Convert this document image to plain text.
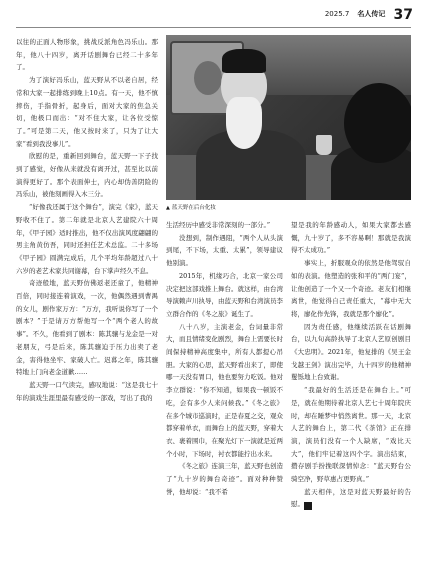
2025.7 名人传记 37

以往的正面人物形象，挑战反派角色冯乐山。那年，他八十四岁，离开话剧舞台已经二十多年了。

为了演好冯乐山，蓝天野从不以老自居，经常和大家一起排练到晚上10点。有一天，他不慎摔伤，手指骨折，起身后，面对大家的焦急关切，他极口而出：“对不住大家，让各位受惊了。”可是第二天，他又按时来了，只为了让大家“看到我没事儿”。

欣慰的是，重新回到舞台，蓝天野一下子找到了感觉，好像从来就没有离开过，甚至比以前演得更好了。那个表面伸士，内心却伪善阴险的冯乐山，被他刻画得入木三分。

“好像我还属于这个舞台”，演完《家》，蓝天野收不住了。第二年就是北京人艺建院六十周年，《甲子园》适时推出，他不仅出演风度翩翩的男主角黄仿吾，同时还担任艺术总监。二十多场《甲子园》圆满完成后，几个平均年龄超过八十六岁的老艺术家共同谢幕，台下掌声经久不息。

奇迹般地，蓝天野仿佛返老还童了，他精神百倍，同时接连着演戏，一次，他偶然遇到曹禺的女儿，剧作家万方：“万方，我听说你写了一个剧本？”于是请万方帮他写一个“两个老人的故事”。不久，他看到了剧本：陈其骧与龙金是一对老朋友，弓是后来，陈其骧迫于压力出卖了老金，害得他坐牢、家破人亡。迟暮之年，陈其骧特地上门向老金道歉……

蓝天野一口气读完，感叹地说：“这是我七十年的演戏生涯里最有感受的一部戏，写出了我的

▲ 蓝天野在后台化妆

生活经历中感受非常深刻的一部分。”

没想到，制作遇阻，“两个人从头演到尾，不下场，太重、太累”，领导建议他别演。

2015年，机缘巧合，北京一家公司决定把这部戏推上舞台。就这样，由台湾导演赖声川执导，由蓝天野和台湾演员李立群合作的《冬之旅》诞生了。

八十八岁，主演老金，台词量非常大，而且情绪变化剧烈，舞台上需要长时间保持精神高度集中，所有人都提心吊胆。大家的心思，蓝天野看出来了，即使哪一天没有胃口，他也要努力吃饭。他对李立群说：“你不知道，如果我一顿饭不吃，会有多少人来问候我。”《冬之旅》在多个城市巡演时，正是春夏之交，观众都穿着单衣，而舞台上的蓝天野，穿着大衣、裹着围巾，在聚光灯下一演就是近两个小时，下场时，衬衣都能拧出水来。

《冬之旅》连演三年，蓝天野也创造了“九十岁的舞台奇迹”。面对种种赞誉，他却说：“我不希

望是我的年龄感动人，如果大家都去感慨，九十岁了，多不容易啊！那就是我演得不太成功。”

事实上，折服观众的依然是他驾驭自如的表演。他塑造的张和平的“两门宴”，让他创造了一个又一个奇迹。老友们相继离世，他觉得自己责任重大，“幕中无大将，廖化作先锋，我就是那个廖化”。

因为责任感，他继续活跃在话剧舞台，以九旬高龄执导了北京人艺原创剧目《大忠明》。2021年，他复排的《吴王金戈越王剑》演出完毕，九十四岁的他精神矍铄地上台致谢。

“我最好的生活还是在舞台上。”可是，就在他期待着北京人艺七十周年院庆时，却在睡梦中悄然离世。那一天，北京人艺的舞台上，第二代《茶馆》正在排演，演员们没有一个人缺席，“戏比天大”，他们牢记着这四个字。演出结束，攒存剧手扮挽联深情悼念：“蓝天野台公骑空净，野草惠占更野真。”

蓝天相伴，这是对蓝天野最好的告慰。	■
